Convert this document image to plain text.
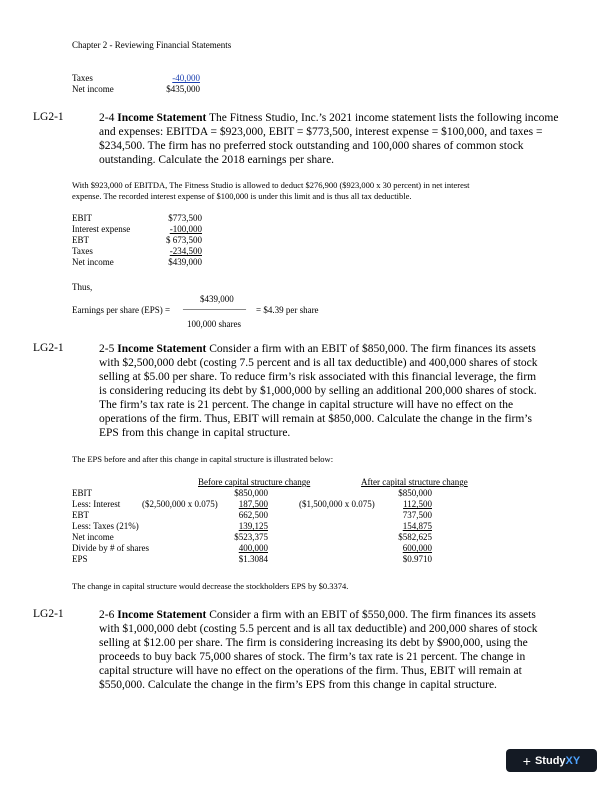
Chapter 2 - Reviewing Financial Statements
Taxes	-40,000
Net income	$435,000
LG2-1	2-4 Income Statement The Fitness Studio, Inc.’s 2021 income statement lists the following income
and expenses: EBITDA = $923,000, EBIT = $773,500, interest expense = $100,000, and taxes =
$234,500. The firm has no preferred stock outstanding and 100,000 shares of common stock
outstanding. Calculate the 2018 earnings per share.
With $923,000 of EBITDA, The Fitness Studio is allowed to deduct $276,900 ($923,000 x 30 percent) in net interest
expense. The recorded interest expense of $100,000 is under this limit and is thus all tax deductible.
EBIT	$773,500
Interest expense	-100,000
EBT	$ 673,500
Taxes	-234,500
Net income	$439,000
Thus,
$439,000
Earnings per share (EPS) = ——————— = $4.39 per share
100,000 shares
LG2-1	2-5 Income Statement Consider a firm with an EBIT of $850,000. The firm finances its assets
with $2,500,000 debt (costing 7.5 percent and is all tax deductible) and 400,000 shares of stock
selling at $5.00 per share. To reduce firm’s risk associated with this financial leverage, the firm
is considering reducing its debt by $1,000,000 by selling an additional 200,000 shares of stock.
The firm’s tax rate is 21 percent. The change in capital structure will have no effect on the
operations of the firm. Thus, EBIT will remain at $850,000. Calculate the change in the firm’s
EPS from this change in capital structure.
The EPS before and after this change in capital structure is illustrated below:
Before capital structure change	After capital structure change
EBIT	$850,000	$850,000
Less: Interest ($2,500,000 x 0.075)	187,500	($1,500,000 x 0.075)	112,500
EBT	662,500	737,500
Less: Taxes (21%)	139,125	154,875
Net income	$523,375	$582,625
Divide by # of shares	400,000	600,000
EPS	$1.3084	$0.9710
The change in capital structure would decrease the stockholders EPS by $0.3374.
LG2-1	2-6 Income Statement Consider a firm with an EBIT of $550,000. The firm finances its assets
with $1,000,000 debt (costing 5.5 percent and is all tax deductible) and 200,000 shares of stock
selling at $12.00 per share. The firm is considering increasing its debt by $900,000, using the
proceeds to buy back 75,000 shares of stock. The firm’s tax rate is 21 percent. The change in
capital structure will have no effect on the operations of the firm. Thus, EBIT will remain at
$550,000. Calculate the change in the firm’s EPS from this change in capital structure.
+ Study XY
